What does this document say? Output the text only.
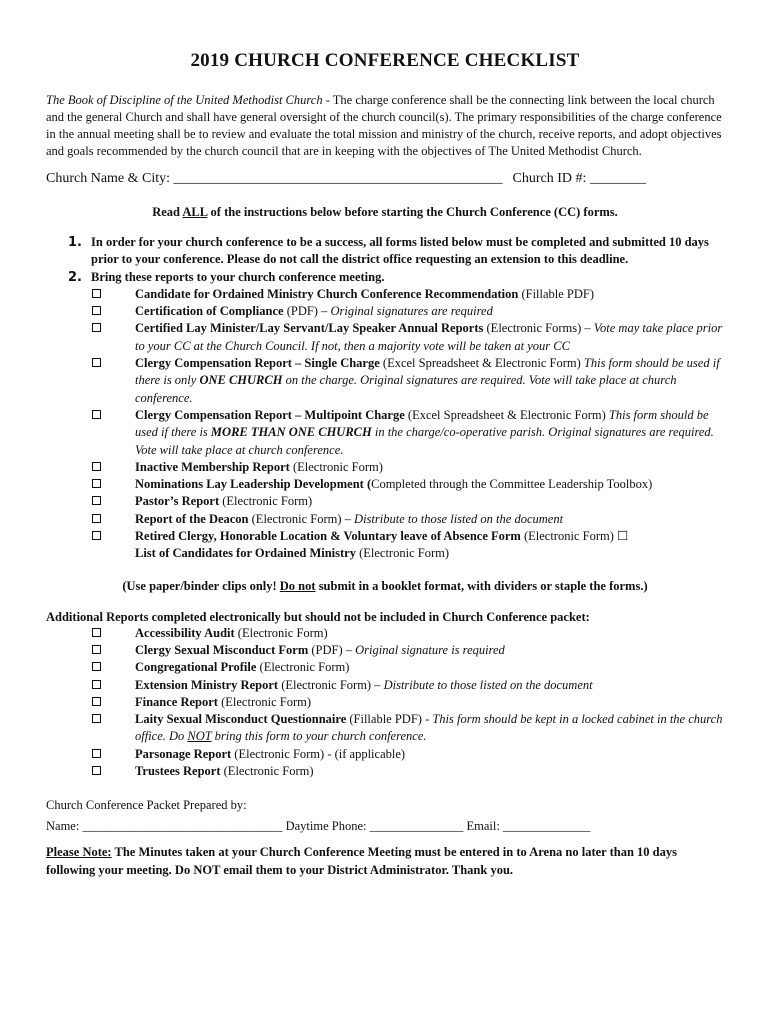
2019 CHURCH CONFERENCE CHECKLIST

The Book of Discipline of the United Methodist Church - The charge conference shall be the connecting link between the local church and the general Church and shall have general oversight of the church council(s). The primary responsibilities of the charge conference in the annual meeting shall be to review and evaluate the total mission and ministry of the church, receive reports, and adopt objectives and goals recommended by the church council that are in keeping with the objectives of The United Methodist Church.

Church Name & City: _______________________________________________ Church ID #: ________
Read ALL of the instructions below before starting the Church Conference (CC) forms.
1. In order for your church conference to be a success, all forms listed below must be completed and submitted 10 days prior to your conference. Please do not call the district office requesting an extension to this deadline.
2. Bring these reports to your church conference meeting.
Candidate for Ordained Ministry Church Conference Recommendation (Fillable PDF)
Certification of Compliance (PDF) – Original signatures are required
Certified Lay Minister/Lay Servant/Lay Speaker Annual Reports (Electronic Forms) – Vote may take place prior to your CC at the Church Council. If not, then a majority vote will be taken at your CC
Clergy Compensation Report – Single Charge (Excel Spreadsheet & Electronic Form) This form should be used if there is only ONE CHURCH on the charge. Original signatures are required. Vote will take place at church conference.
Clergy Compensation Report – Multipoint Charge (Excel Spreadsheet & Electronic Form) This form should be used if there is MORE THAN ONE CHURCH in the charge/co-operative parish. Original signatures are required. Vote will take place at church conference.
Inactive Membership Report (Electronic Form)
Nominations Lay Leadership Development (Completed through the Committee Leadership Toolbox)
Pastor’s Report (Electronic Form)
Report of the Deacon (Electronic Form) – Distribute to those listed on the document
Retired Clergy, Honorable Location & Voluntary leave of Absence Form (Electronic Form) ☐
List of Candidates for Ordained Ministry (Electronic Form)
(Use paper/binder clips only! Do not submit in a booklet format, with dividers or staple the forms.)
Additional Reports completed electronically but should not be included in Church Conference packet:
Accessibility Audit (Electronic Form)
Clergy Sexual Misconduct Form (PDF) – Original signature is required
Congregational Profile (Electronic Form)
Extension Ministry Report (Electronic Form) – Distribute to those listed on the document
Finance Report (Electronic Form)
Laity Sexual Misconduct Questionnaire (Fillable PDF) - This form should be kept in a locked cabinet in the church office. Do NOT bring this form to your church conference.
Parsonage Report (Electronic Form) - (if applicable)
Trustees Report (Electronic Form)
Church Conference Packet Prepared by:
Name: ________________________________ Daytime Phone: _______________ Email: ______________
Please Note: The Minutes taken at your Church Conference Meeting must be entered in to Arena no later than 10 days following your meeting. Do NOT email them to your District Administrator. Thank you.
